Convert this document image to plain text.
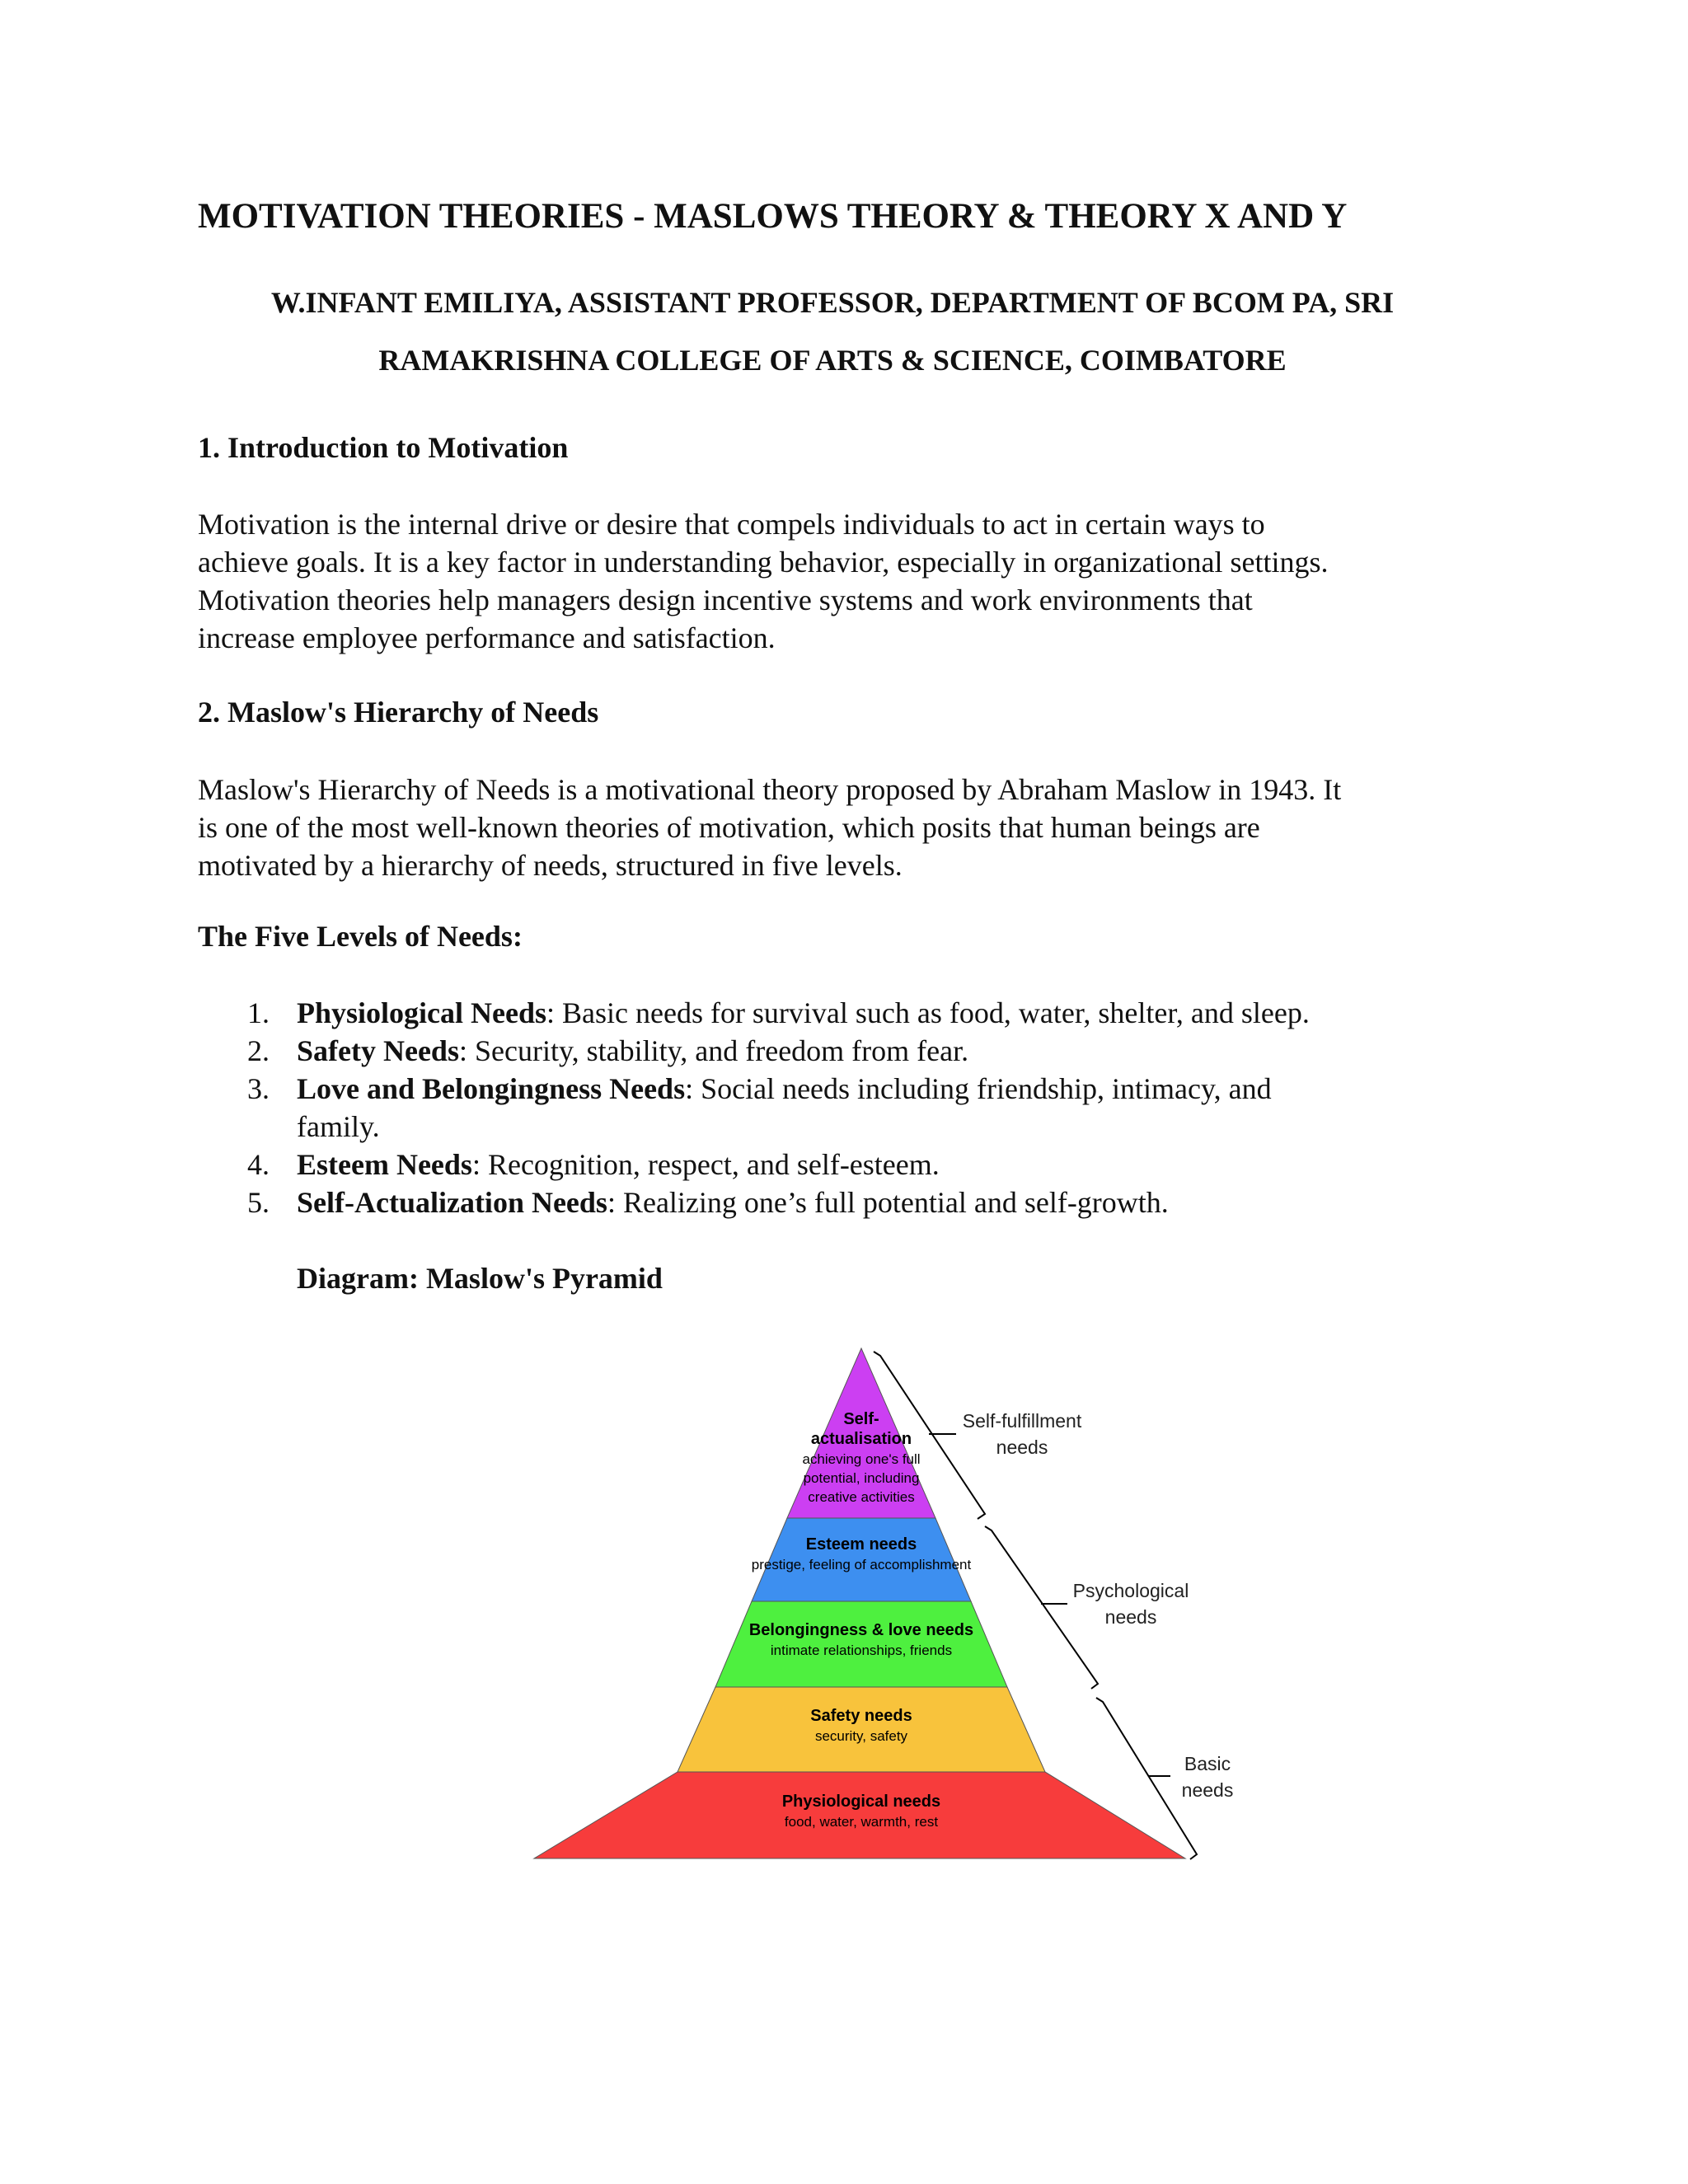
MOTIVATION THEORIES - MASLOWS THEORY & THEORY X AND Y
W.INFANT EMILIYA, ASSISTANT PROFESSOR, DEPARTMENT OF BCOM PA, SRI
RAMAKRISHNA COLLEGE OF ARTS & SCIENCE, COIMBATORE
1. Introduction to Motivation
Motivation is the internal drive or desire that compels individuals to act in certain ways to
achieve goals. It is a key factor in understanding behavior, especially in organizational settings.
Motivation theories help managers design incentive systems and work environments that
increase employee performance and satisfaction.
2. Maslow's Hierarchy of Needs
Maslow's Hierarchy of Needs is a motivational theory proposed by Abraham Maslow in 1943. It
is one of the most well-known theories of motivation, which posits that human beings are
motivated by a hierarchy of needs, structured in five levels.
The Five Levels of Needs:
1. Physiological Needs: Basic needs for survival such as food, water, shelter, and sleep.
2. Safety Needs: Security, stability, and freedom from fear.
3. Love and Belongingness Needs: Social needs including friendship, intimacy, and
family.
4. Esteem Needs: Recognition, respect, and self-esteem.
5. Self-Actualization Needs: Realizing one’s full potential and self-growth.
Diagram: Maslow's Pyramid
Self-
actualisation
achieving one's full
potential, including
creative activities
Esteem needs
prestige, feeling of accomplishment
Belongingness & love needs
intimate relationships, friends
Safety needs
security, safety
Physiological needs
food, water, warmth, rest
Self-fulfillment
needs
Psychological
needs
Basic
needs
